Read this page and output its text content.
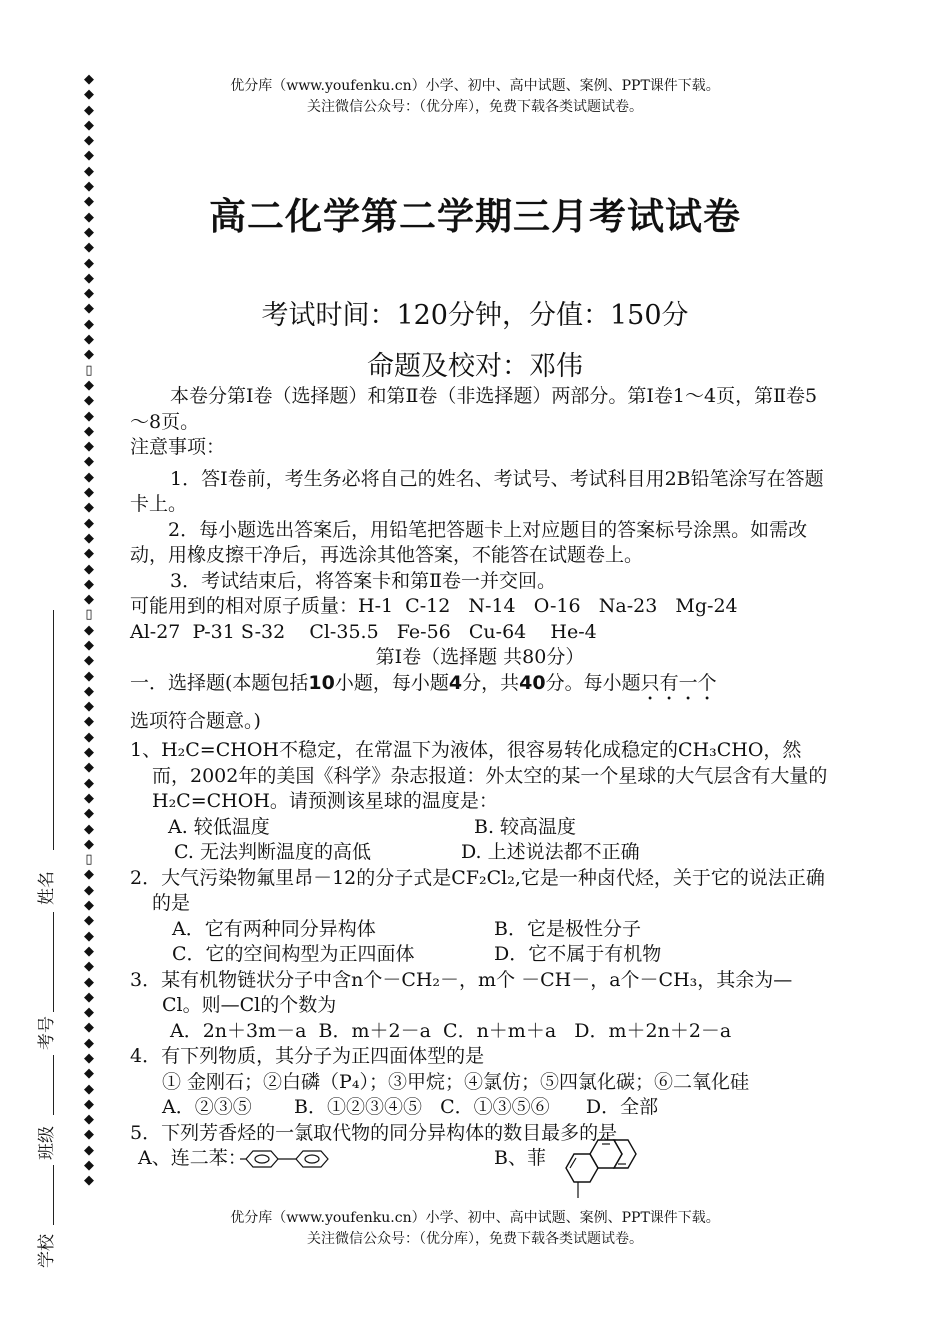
姓名
考号
班级
学校
◆
◆
◆
◆
◆
◆
◆
◆
◆
◆
◆
◆
◆
◆
◆
◆
◆
◆
◆
▯
◆
◆
◆
◆
◆
◆
◆
◆
◆
◆
◆
◆
◆
◆
◆
▯
◆
◆
◆
◆
◆
◆
◆
◆
◆
◆
◆
◆
◆
◆
◆
▯
◆
◆
◆
◆
◆
◆
◆
◆
◆
◆
◆
◆
◆
◆
◆
◆
◆
◆
◆
◆
◆
优分库（www.youfenku.cn）小学、初中、高中试题、案例、PPT课件下载。
关注微信公众号：（优分库），免费下载各类试题试卷。
高二化学第二学期三月考试试卷
考试时间：120分钟，分值：150分
命题及校对：邓伟

本卷分第Ⅰ卷（选择题）和第Ⅱ卷（非选择题）两部分。第Ⅰ卷1～4页，第Ⅱ卷5～8页。

注意事项：

1．答Ⅰ卷前，考生务必将自己的姓名、考试号、考试科目用2B铅笔涂写在答题卡上。

2．每小题选出答案后，用铅笔把答题卡上对应题目的答案标号涂黑。如需改动，用橡皮擦干净后，再选涂其他答案，不能答在试题卷上。

3．考试结束后，将答案卡和第Ⅱ卷一并交回。

可能用到的相对原子质量：H-1  C-12   N-14   O-16   Na-23   Mg-24

Al-27  P-31 S-32    Cl-35.5   Fe-56   Cu-64    He-4

第I卷（选择题 共80分）

一．选择题(本题包括10小题，每小题4分，共40分。每小题只有一个

选项符合题意。)

1、H₂C=CHOH不稳定，在常温下为液体，很容易转化成稳定的CH₃CHO，然而，2002年的美国《科学》杂志报道：外太空的某一个星球的大气层含有大量的H₂C=CHOH。请预测该星球的温度是：

A. 较低温度	B. 较高温度

C. 无法判断温度的高低	D. 上述说法都不正确

2．大气污染物氟里昂－12的分子式是CF₂Cl₂,它是一种卤代烃，关于它的说法正确的是

A．它有两种同分异构体	B．它是极性分子

C．它的空间构型为正四面体	D．它不属于有机物

3．某有机物链状分子中含n个－CH₂－，m个 －CH－，a个－CH₃，其余为—Cl。则—Cl的个数为

A．2n＋3m－a  B．m＋2－a  C．n＋m＋a   D．m＋2n＋2－a

4．有下列物质，其分子为正四面体型的是

① 金刚石；②白磷（P₄）；③甲烷；④氯仿；⑤四氯化碳；⑥二氧化硅

A．②③⑤       B．①②③④⑤   C．①③⑤⑥      D．全部

5．下列芳香烃的一氯取代物的同分异构体的数目最多的是

A、连二苯：	B、菲

优分库（www.youfenku.cn）小学、初中、高中试题、案例、PPT课件下载。
关注微信公众号：（优分库），免费下载各类试题试卷。
